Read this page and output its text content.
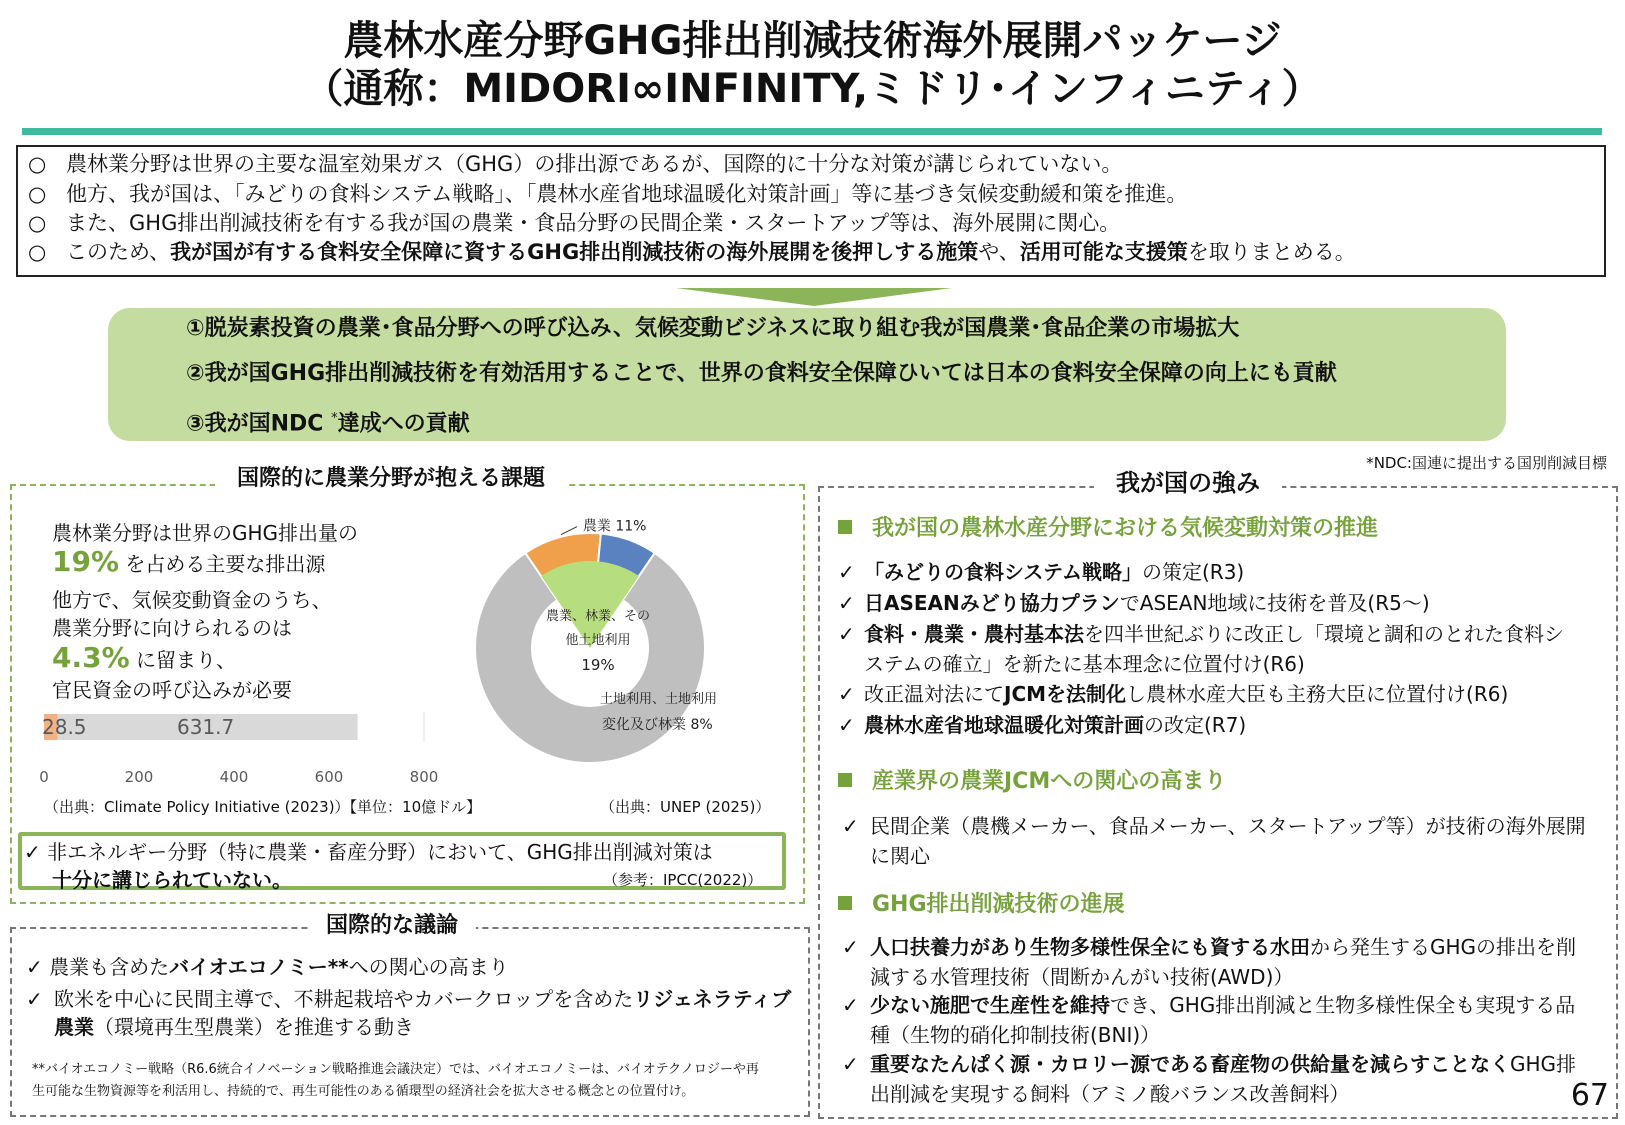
農林水産分野GHG排出削減技術海外展開パッケージ
（通称：MIDORI∞INFINITY,ミドリ･インフィニティ）
○ 農林業分野は世界の主要な温室効果ガス（GHG）の排出源であるが、国際的に十分な対策が講じられていない。
○ 他方、我が国は、「みどりの食料システム戦略」、「農林水産省地球温暖化対策計画」等に基づき気候変動緩和策を推進。
○ また、GHG排出削減技術を有する我が国の農業・食品分野の民間企業・スタートアップ等は、海外展開に関心。
○ このため、我が国が有する食料安全保障に資するGHG排出削減技術の海外展開を後押しする施策や、活用可能な支援策を取りまとめる。
①脱炭素投資の農業･食品分野への呼び込み、気候変動ビジネスに取り組む我が国農業･食品企業の市場拡大
②我が国GHG排出削減技術を有効活用することで、世界の食料安全保障ひいては日本の食料安全保障の向上にも貢献
③我が国NDC *達成への貢献
*NDC:国連に提出する国別削減目標
国際的に農業分野が抱える課題
農林業分野は世界のGHG排出量の
19% を占める主要な排出源
他方で、気候変動資金のうち、
農業分野に向けられるのは
4.3% に留まり、
官民資金の呼び込みが必要
28.5	631.7
0	200	400	600	800
（出典：Climate Policy Initiative (2023)）【単位：10億ドル】
農業、林業、その
他土地利用
19%
農業 11%
土地利用、土地利用
変化及び林業 8%
（出典：UNEP (2025)）
✓ 非エネルギー分野（特に農業・畜産分野）において、GHG排出削減対策は
十分に講じられていない。	（参考：IPCC(2022)）
国際的な議論
✓ 農業も含めたバイオエコノミー**への関心の高まり
✓ 欧米を中心に民間主導で、不耕起栽培やカバークロップを含めたリジェネラティブ農業（環境再生型農業）を推進する動き
**バイオエコノミー戦略（R6.6統合イノベーション戦略推進会議決定）では、バイオエコノミーは、バイオテクノロジーや再
生可能な生物資源等を利活用し、持続的で、再生可能性のある循環型の経済社会を拡大させる概念との位置付け。
我が国の強み
我が国の農林水産分野における気候変動対策の推進
✓ 「みどりの食料システム戦略」の策定(R3)
✓ 日ASEANみどり協力プランでASEAN地域に技術を普及(R5～)
✓ 食料・農業・農村基本法を四半世紀ぶりに改正し「環境と調和のとれた食料システムの確立」を新たに基本理念に位置付け(R6)
✓ 改正温対法にてJCMを法制化し農林水産大臣も主務大臣に位置付け(R6)
✓ 農林水産省地球温暖化対策計画の改定(R7)
産業界の農業JCMへの関心の高まり
✓ 民間企業（農機メーカー、食品メーカー、スタートアップ等）が技術の海外展開に関心
GHG排出削減技術の進展
✓ 人口扶養力があり生物多様性保全にも資する水田から発生するGHGの排出を削減する水管理技術（間断かんがい技術(AWD)）
✓ 少ない施肥で生産性を維持でき、GHG排出削減と生物多様性保全も実現する品種（生物的硝化抑制技術(BNI)）
✓ 重要なたんぱく源・カロリー源である畜産物の供給量を減らすことなくGHG排出削減を実現する飼料（アミノ酸バランス改善飼料）	67
